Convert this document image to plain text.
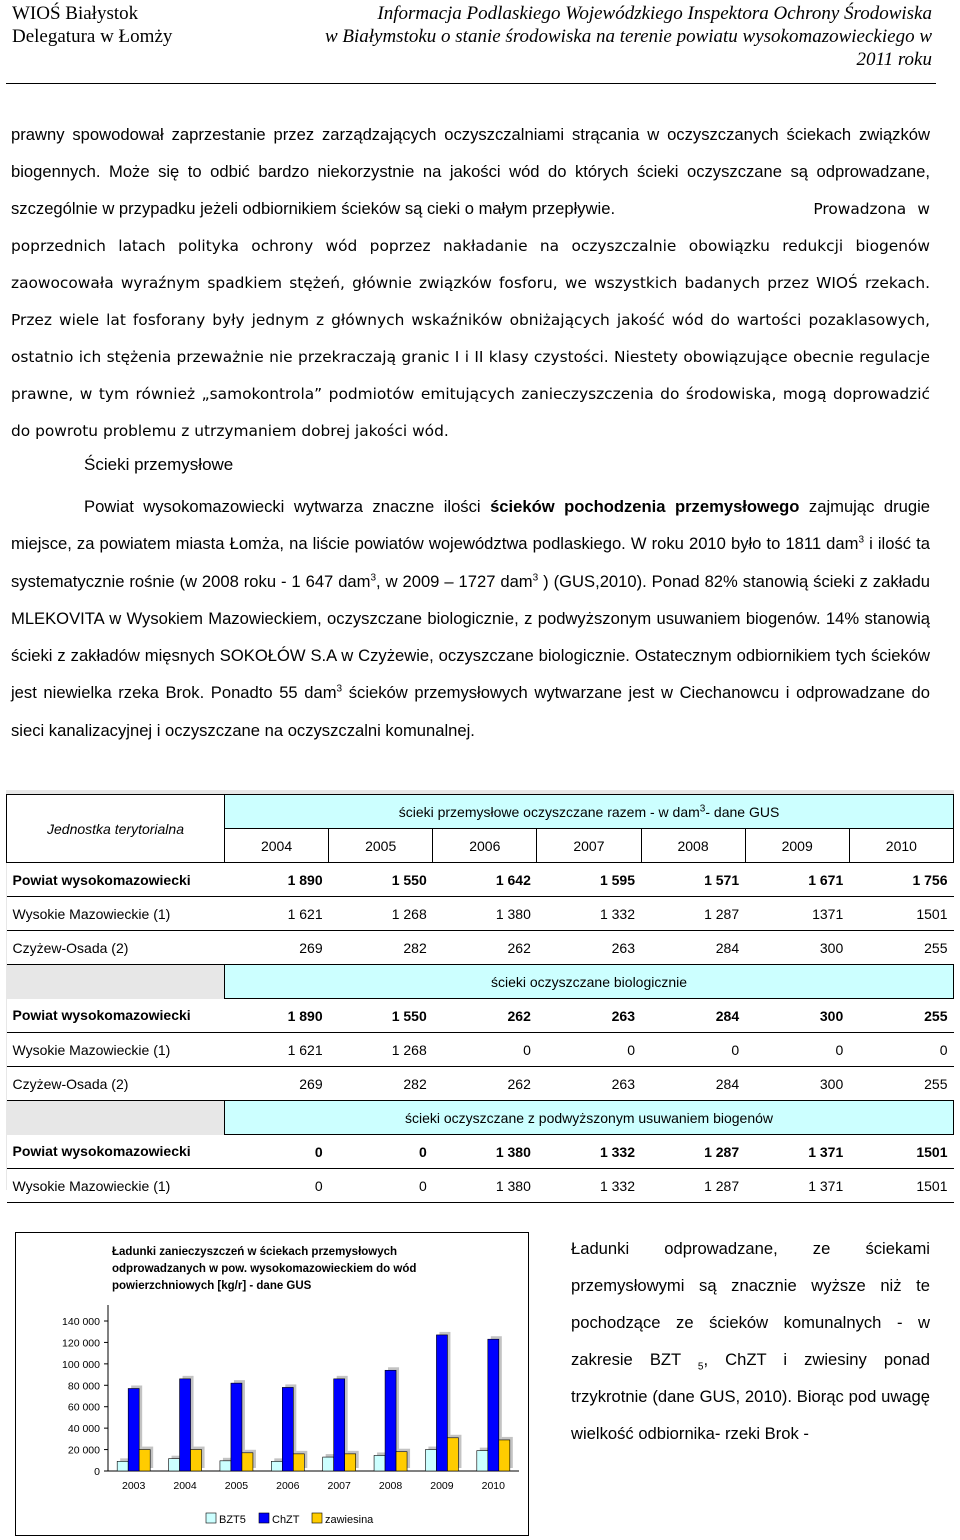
WIOŚ Białystok
Delegatura w Łomży
Informacja Podlaskiego Wojewódzkiego Inspektora Ochrony Środowiska
w Białymstoku o stanie środowiska na terenie powiatu wysokomazowieckiego w
2011 roku

prawny spowodował zaprzestanie przez zarządzających oczyszczalniami strącania w oczyszczanych ściekach związków biogennych. Może się to odbić bardzo niekorzystnie na jakości wód do których ścieki oczyszczane są odprowadzane, szczególnie w przypadku jeżeli odbiornikiem ścieków są cieki o małym przepływie.	Prowadzona w poprzednich latach polityka ochrony wód poprzez nakładanie na oczyszczalnie obowiązku redukcji biogenów zaowocowała wyraźnym spadkiem stężeń, głównie związków fosforu, we wszystkich badanych przez WIOŚ rzekach. Przez wiele lat fosforany były jednym z głównych wskaźników obniżających jakość wód do wartości pozaklasowych, ostatnio ich stężenia przeważnie nie przekraczają granic I i II klasy czystości. Niestety obowiązujące obecnie regulacje prawne, w tym również „samokontrola” podmiotów emitujących zanieczyszczenia do środowiska, mogą doprowadzić do powrotu problemu z utrzymaniem dobrej jakości wód.

Ścieki przemysłowe

Powiat wysokomazowiecki wytwarza znaczne ilości ścieków pochodzenia przemysłowego zajmując drugie miejsce, za powiatem miasta Łomża, na liście powiatów województwa podlaskiego. W roku 2010 było to 1811 dam$^3$ i ilość ta systematycznie rośnie (w 2008 roku - 1 647 dam$^3$, w 2009 – 1727 dam$^3$ ) (GUS,2010). Ponad 82% stanowią ścieki z zakładu MLEKOVITA w Wysokiem Mazowieckiem, oczyszczane biologicznie, z podwyższonym usuwaniem biogenów. 14% stanowią ścieki z zakładów mięsnych SOKOŁÓW S.A w Czyżewie, oczyszczane biologicznie. Ostatecznym odbiornikiem tych ścieków jest niewielka rzeka Brok. Ponadto 55 dam$^3$ ścieków przemysłowych wytwarzane jest w Ciechanowcu i odprowadzane do sieci kanalizacyjnej i oczyszczane na oczyszczalni komunalnej.

Jednostka terytorialna	ścieki przemysłowe oczyszczane razem - w dam$^3$- dane GUS						
	2004	2005	2006	2007	2008	2009	2010
Powiat wysokomazowiecki	1 890	1 550	1 642	1 595	1 571	1 671	1 756
Wysokie Mazowieckie (1)	1 621	1 268	1 380	1 332	1 287	1371	1501
Czyżew-Osada (2)	269	282	262	263	284	300	255
	ścieki oczyszczane biologicznie						
Powiat wysokomazowiecki	1 890	1 550	262	263	284	300	255
Wysokie Mazowieckie (1)	1 621	1 268	0	0	0	0	0
Czyżew-Osada (2)	269	282	262	263	284	300	255
	ścieki oczyszczane z podwyższonym usuwaniem biogenów						
Powiat wysokomazowiecki	0	0	1 380	1 332	1 287	1 371	1501
Wysokie Mazowieckie (1)	0	0	1 380	1 332	1 287	1 371	1501
Ładunki zanieczyszczeń w ściekach przemysłowych
odprowadzanych w pow. wysokomazowieckiem do wód
powierzchniowych [kg/r] - dane GUS
0
20 000
40 000
60 000
80 000
100 000
120 000
140 000
2003	2004	2005	2006	2007	2008	2009	2010
BZT5 ChZT zawiesina

Ładunki odprowadzane, ze ściekami przemysłowymi są znacznie wyższe niż te pochodzące ze ścieków komunalnych - w zakresie BZT $_5$, ChZT i zwiesiny ponad trzykrotnie (dane GUS, 2010). Biorąc pod uwagę wielkość odbiornika- rzeki Brok -
